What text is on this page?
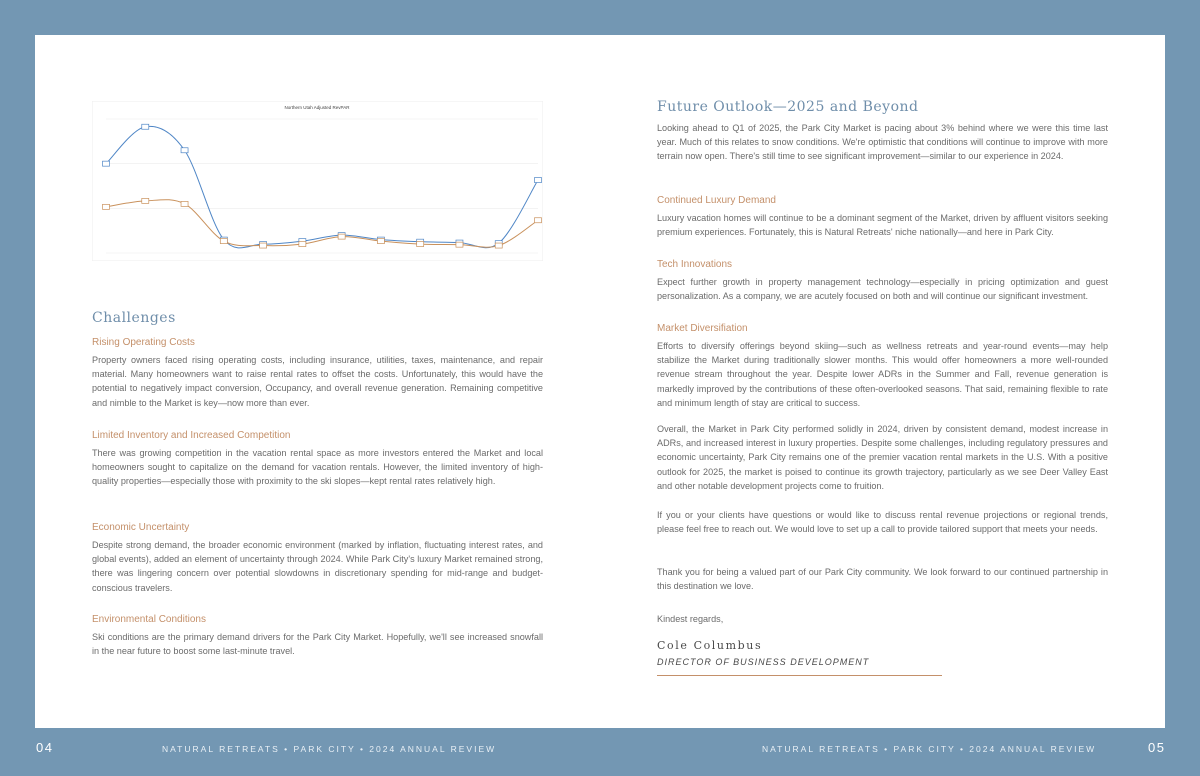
Northern Utah Adjusted RevPAR
Challenges
Rising Operating Costs

Property owners faced rising operating costs, including insurance, utilities, taxes, maintenance, and repair material. Many homeowners want to raise rental rates to offset the costs. Unfortunately, this would have the potential to negatively impact conversion, Occupancy, and overall revenue generation. Remaining competitive and nimble to the Market is key—now more than ever.

Limited Inventory and Increased Competition

There was growing competition in the vacation rental space as more investors entered the Market and local homeowners sought to capitalize on the demand for vacation rentals. However, the limited inventory of high-quality properties—especially those with proximity to the ski slopes—kept rental rates relatively high.

Economic Uncertainty

Despite strong demand, the broader economic environment (marked by inflation, fluctuating interest rates, and global events), added an element of uncertainty through 2024. While Park City's luxury Market remained strong, there was lingering concern over potential slowdowns in discretionary spending for mid-range and budget-conscious travelers.

Environmental Conditions

Ski conditions are the primary demand drivers for the Park City Market. Hopefully, we'll see increased snowfall in the near future to boost some last-minute travel.

Future Outlook—2025 and Beyond

Looking ahead to Q1 of 2025, the Park City Market is pacing about 3% behind where we were this time last year. Much of this relates to snow conditions. We're optimistic that conditions will continue to improve with more terrain now open. There's still time to see significant improvement—similar to our experience in 2024.

Continued Luxury Demand

Luxury vacation homes will continue to be a dominant segment of the Market, driven by affluent visitors seeking premium experiences. Fortunately, this is Natural Retreats' niche nationally—and here in Park City.

Tech Innovations

Expect further growth in property management technology—especially in pricing optimization and guest personalization. As a company, we are acutely focused on both and will continue our significant investment.

Market Diversifiation

Efforts to diversify offerings beyond skiing—such as wellness retreats and year-round events—may help stabilize the Market during traditionally slower months. This would offer homeowners a more well-rounded revenue stream throughout the year. Despite lower ADRs in the Summer and Fall, revenue generation is markedly improved by the contributions of these often-overlooked seasons. That said, remaining flexible to rate and minimum length of stay are critical to success.

Overall, the Market in Park City performed solidly in 2024, driven by consistent demand, modest increase in ADRs, and increased interest in luxury properties. Despite some challenges, including regulatory pressures and economic uncertainty, Park City remains one of the premier vacation rental markets in the U.S. With a positive outlook for 2025, the market is poised to continue its growth trajectory, particularly as we see Deer Valley East and other notable development projects come to fruition.

If you or your clients have questions or would like to discuss rental revenue projections or regional trends, please feel free to reach out. We would love to set up a call to provide tailored support that meets your needs.

Thank you for being a valued part of our Park City community. We look forward to our continued partnership in this destination we love.

Kindest regards,

Cole Columbus
DIRECTOR OF BUSINESS DEVELOPMENT
04	NATURAL RETREATS • PARK CITY • 2024 ANNUAL REVIEW	NATURAL RETREATS • PARK CITY • 2024 ANNUAL REVIEW	05
